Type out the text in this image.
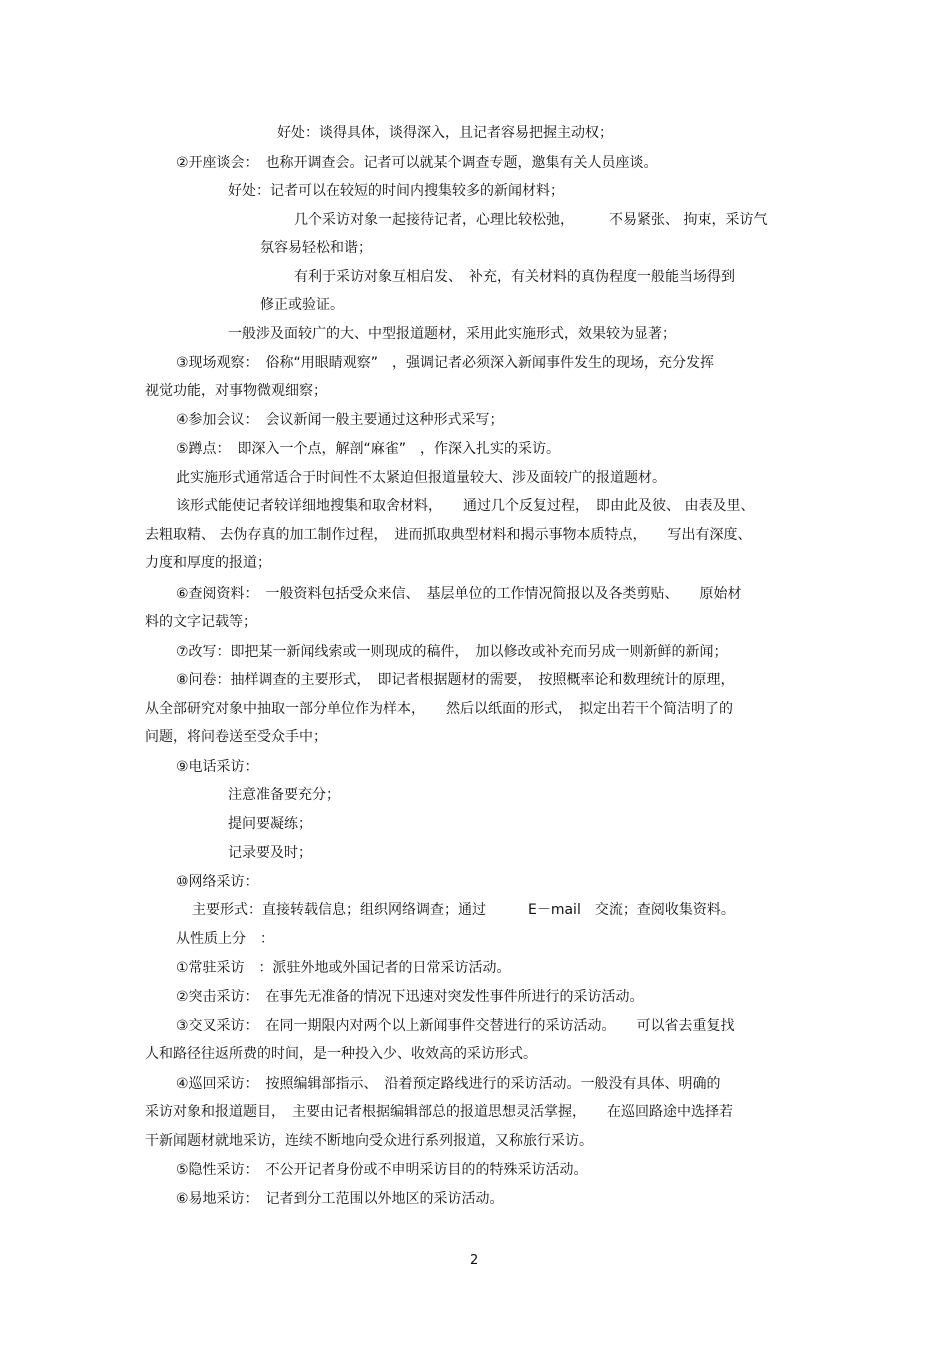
好处：谈得具体，谈得深入，且记者容易把握主动权；
②开座谈会：　也称开调查会。记者可以就某个调查专题，邀集有关人员座谈。
好处：记者可以在较短的时间内搜集较多的新闻材料；
几个采访对象一起接待记者，心理比较松弛，　　　不易紧张、 拘束，采访气
氛容易轻松和谐；
有利于采访对象互相启发、　补充，有关材料的真伪程度一般能当场得到
修正或验证。
一般涉及面较广的大、中型报道题材，采用此实施形式，效果较为显著；
③现场观察：　俗称“用眼睛观察”　，强调记者必须深入新闻事件发生的现场，充分发挥
视觉功能，对事物微观细察；
④参加会议：　会议新闻一般主要通过这种形式采写；
⑤蹲点：　即深入一个点，解剖“麻雀”　，作深入扎实的采访。
此实施形式通常适合于时间性不太紧迫但报道量较大、涉及面较广的报道题材。
该形式能使记者较详细地搜集和取舍材料，　　通过几个反复过程，　即由此及彼、 由表及里、
去粗取精、 去伪存真的加工制作过程，　进而抓取典型材料和揭示事物本质特点，　　写出有深度、
力度和厚度的报道；
⑥查阅资料：　一般资料包括受众来信、　基层单位的工作情况简报以及各类剪贴、　　原始材
料的文字记载等；
⑦改写：即把某一新闻线索或一则现成的稿件，　加以修改或补充而另成一则新鲜的新闻；
⑧问卷：抽样调查的主要形式，　即记者根据题材的需要，　按照概率论和数理统计的原理，
从全部研究对象中抽取一部分单位作为样本，　　然后以纸面的形式，　拟定出若干个简洁明了的
问题，将问卷送至受众手中；
⑨电话采访：
注意准备要充分；
提问要凝练；
记录要及时；
⑩网络采访：
主要形式：直接转载信息；组织网络调查；通过　　　E－mail　交流；查阅收集资料。
从性质上分　：
①常驻采访　：派驻外地或外国记者的日常采访活动。
②突击采访：　在事先无准备的情况下迅速对突发性事件所进行的采访活动。
③交叉采访：　在同一期限内对两个以上新闻事件交替进行的采访活动。　　可以省去重复找
人和路径往返所费的时间，是一种投入少、收效高的采访形式。
④巡回采访：　按照编辑部指示、　沿着预定路线进行的采访活动。一般没有具体、明确的
采访对象和报道题目，　主要由记者根据编辑部总的报道思想灵活掌握，　　在巡回路途中选择若
干新闻题材就地采访，连续不断地向受众进行系列报道，又称旅行采访。
⑤隐性采访：　不公开记者身份或不申明采访目的的特殊采访活动。
⑥易地采访：　记者到分工范围以外地区的采访活动。
2
